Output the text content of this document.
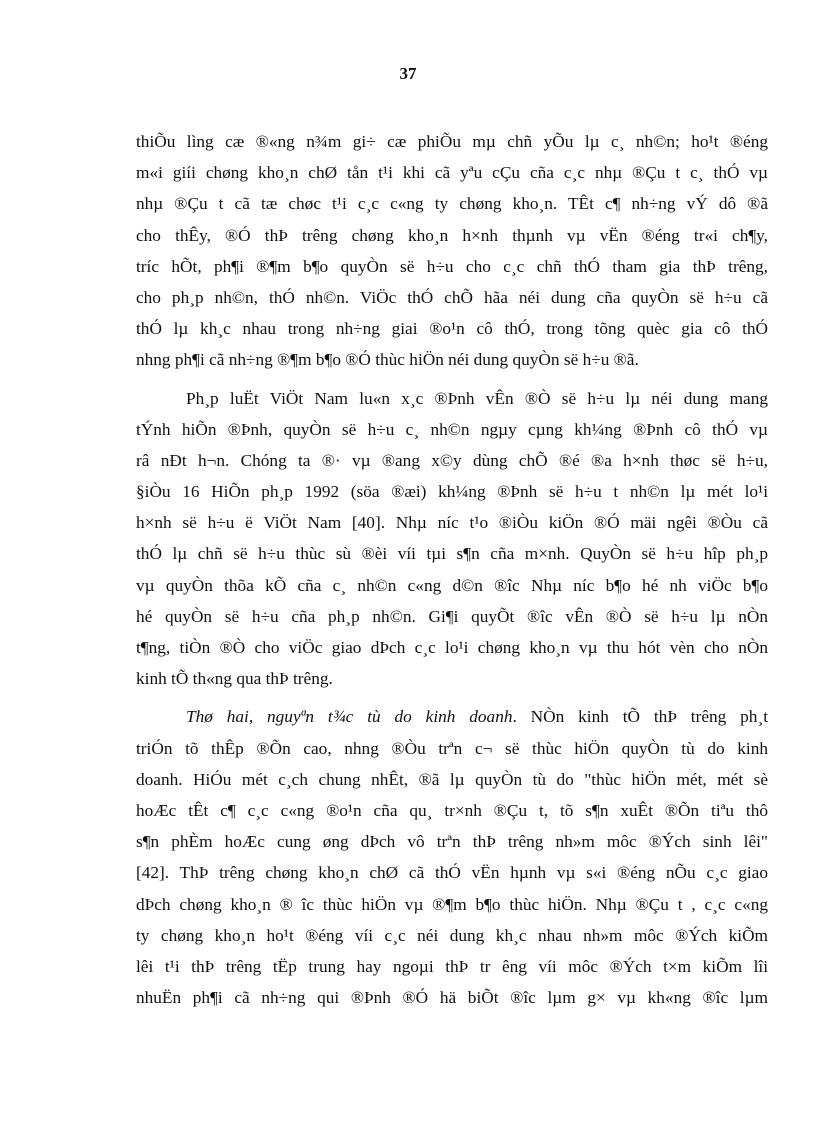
37
thiÕu lìng cæ ®«ng n¾m gi÷ cæ phiÕu mµ chñ yÕu lµ c¸ nh©n; ho¹t ®éng
m«i giíi chøng kho¸n chØ tån t¹i khi cã yªu cÇu cña c¸c nhµ ®Çu t c¸ thÓ vµ
nhµ ®Çu t cã tæ chøc t¹i c¸c c«ng ty chøng kho¸n. TÊt c¶ nh÷ng vÝ dô ®ã
cho thÊy, ®Ó thÞ trêng chøng kho¸n h×nh thµnh vµ vËn ®éng tr«i ch¶y,
tríc hÕt, ph¶i ®¶m b¶o quyÒn së h÷u cho c¸c chñ thÓ tham gia thÞ trêng,
cho ph¸p nh©n, thÓ nh©n. ViÖc thÓ chÕ hãa néi dung cña quyÒn së h÷u cã
thÓ lµ kh¸c nhau trong nh÷ng giai ®o¹n cô thÓ, trong tõng quèc gia cô thÓ
nhng ph¶i cã nh÷ng ®¶m b¶o ®Ó thùc hiÖn néi dung quyÒn së h÷u ®ã.
Ph¸p luËt ViÖt Nam lu«n x¸c ®Þnh vÊn ®Ò së h÷u lµ néi dung mang
tÝnh hiÕn ®Þnh, quyÒn së h÷u c¸ nh©n ngµy cµng kh¼ng ®Þnh cô thÓ vµ
râ nÐt h¬n. Chóng ta ®· vµ ®ang x©y dùng chÕ ®é ®a h×nh thøc së h÷u,
§iÒu 16 HiÕn ph¸p 1992 (söa ®æi) kh¼ng ®Þnh së h÷u t nh©n lµ mét lo¹i
h×nh së h÷u ë ViÖt Nam [40]. Nhµ níc t¹o ®iÒu kiÖn ®Ó mäi ngêi ®Òu cã
thÓ lµ chñ së h÷u thùc sù ®èi víi tµi s¶n cña m×nh. QuyÒn së h÷u hîp ph¸p
vµ quyÒn thõa kÕ cña c¸ nh©n c«ng d©n ®îc Nhµ níc b¶o hé nh viÖc b¶o
hé quyÒn së h÷u cña ph¸p nh©n. Gi¶i quyÕt ®îc vÊn ®Ò së h÷u lµ nÒn
t¶ng, tiÒn ®Ò cho viÖc giao dÞch c¸c lo¹i chøng kho¸n vµ thu hót vèn cho nÒn
kinh tÕ th«ng qua thÞ trêng.
Thø hai, nguyªn t¾c tù do kinh doanh. NÒn kinh tÕ thÞ trêng ph¸t
triÓn tõ thÊp ®Õn cao, nhng ®Òu trªn c¬ së thùc hiÖn quyÒn tù do kinh
doanh. HiÓu mét c¸ch chung nhÊt, ®ã lµ quyÒn tù do "thùc hiÖn mét, mét sè
hoÆc tÊt c¶ c¸c c«ng ®o¹n cña qu¸ tr×nh ®Çu t, tõ s¶n xuÊt ®Õn tiªu thô
s¶n phÈm hoÆc cung øng dÞch vô trªn thÞ trêng nh»m môc ®Ých sinh lêi"
[42]. ThÞ trêng chøng kho¸n chØ cã thÓ vËn hµnh vµ s«i ®éng nÕu c¸c giao
dÞch chøng kho¸n ® îc thùc hiÖn vµ ®¶m b¶o thùc hiÖn. Nhµ ®Çu t , c¸c c«ng
ty chøng kho¸n ho¹t ®éng víi c¸c néi dung kh¸c nhau nh»m môc ®Ých kiÕm
lêi t¹i thÞ trêng tËp trung hay ngoµi thÞ tr êng víi môc ®Ých t×m kiÕm lîi
nhuËn ph¶i cã nh÷ng qui ®Þnh ®Ó hä biÕt ®îc lµm g× vµ kh«ng ®îc lµm
